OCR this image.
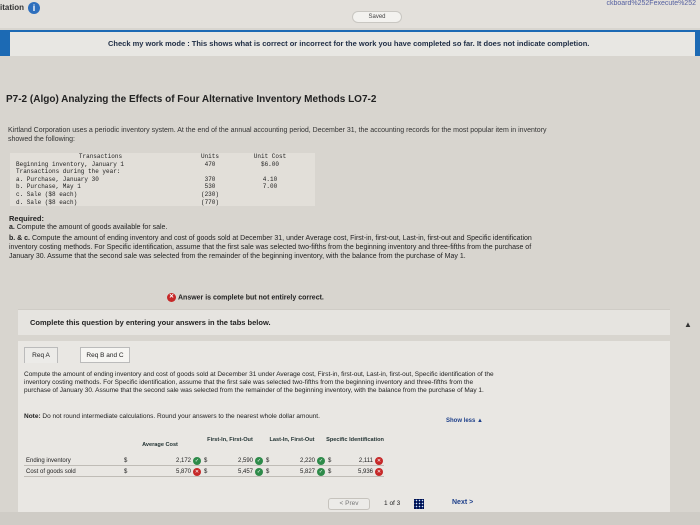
itation i
Saved
ckboard%252Fexecute%252
Check my work mode : This shows what is correct or incorrect for the work you have completed so far. It does not indicate completion.
P7-2 (Algo) Analyzing the Effects of Four Alternative Inventory Methods LO7-2
Kirtland Corporation uses a periodic inventory system. At the end of the annual accounting period, December 31, the accounting records for the most popular item in inventory showed the following:
Transactions	Units	Unit Cost
Beginning inventory, January 1	470	$6.00
Transactions during the year:
a. Purchase, January 30	370	4.10
b. Purchase, May 1	530	7.00
c. Sale ($8 each)	(230)
d. Sale ($8 each)	(770)
Required:
a. Compute the amount of goods available for sale.
b. & c. Compute the amount of ending inventory and cost of goods sold at December 31, under Average cost, First-in, first-out, Last-in, first-out and Specific identification inventory costing methods. For Specific identification, assume that the first sale was selected two-fifths from the beginning inventory and three-fifths from the purchase of January 30. Assume that the second sale was selected from the remainder of the beginning inventory, with the balance from the purchase of May 1.
✕ Answer is complete but not entirely correct.
Complete this question by entering your answers in the tabs below.
Req A	Req B and C
Compute the amount of ending inventory and cost of goods sold at December 31 under Average cost, First-in, first-out, Last-in, first-out, Specific identification of the inventory costing methods. For Specific identification, assume that the first sale was selected two-fifths from the beginning inventory and three-fifths from the purchase of January 30. Assume that the second sale was selected from the remainder of the beginning inventory, with the balance from the purchase of May 1.
Note: Do not round intermediate calculations. Round your answers to the nearest whole dollar amount.
Show less ▲
Average Cost
First-In, First-Out	Last-In, First-Out	Specific Identification
Ending inventory	$	2,172 ✓ $	2,590 ✓ $	2,220 ✓ $	2,111 ✕
Cost of goods sold	$	5,870 ✕ $	5,457 ✓ $	5,827 ✓ $	5,936 ✕
< Prev	1 of 3	Next >
▲
